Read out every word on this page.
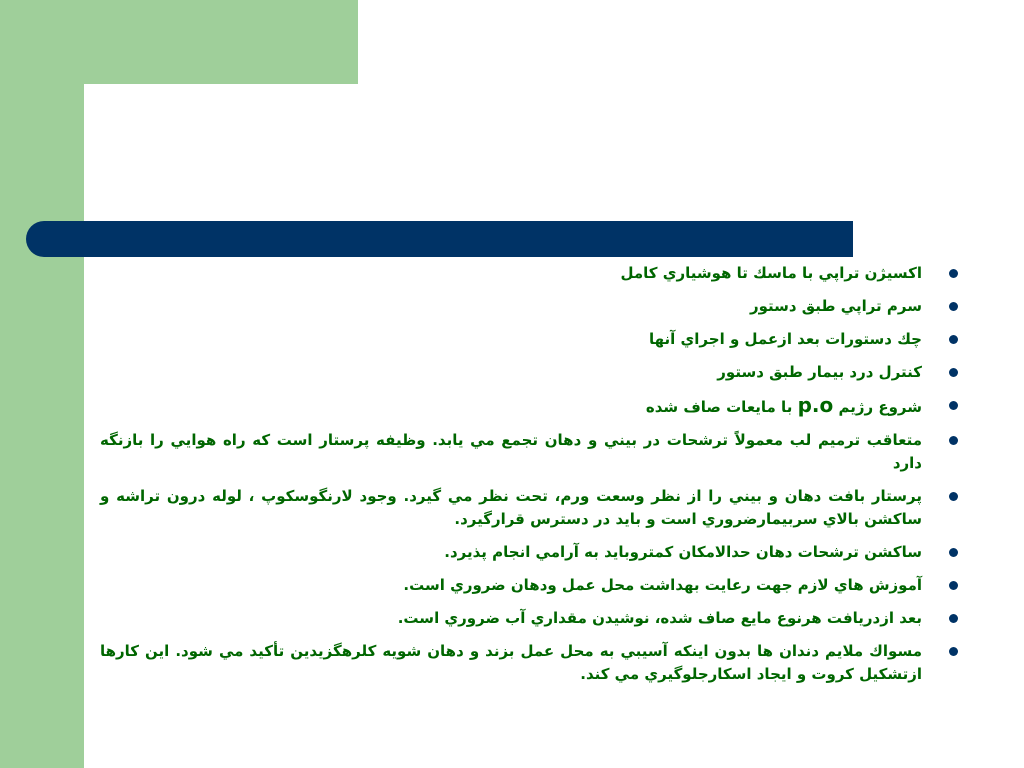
اکسيژن تراپي با ماسك تا هوشياري كامل
سرم تراپي طبق دستور
چك دستورات بعد ازعمل و اجراي آنها
كنترل درد بيمار طبق دستور
شروع رژيم p.o با مايعات صاف شده
متعاقب ترميم لب معمولاً ترشحات در بيني و دهان تجمع مي يابد. وظيفه پرستار است كه راه هوايي را بازنگه دارد
پرستار بافت دهان و بيني را از نظر وسعت ورم، تحت نظر مي گيرد. وجود لارنگوسكوپ ، لوله درون تراشه و ساكشن بالاي سربيمارضروري است و بايد در دسترس قرارگيرد.
ساكشن ترشحات دهان حدالامكان كمتروبايد به آرامي انجام پذيرد.
آموزش هاي لازم جهت رعايت بهداشت محل عمل ودهان ضروري است.
بعد ازدريافت هرنوع مايع صاف شده، نوشيدن مقداري آب ضروري است.
مسواك ملايم دندان ها بدون اينكه آسيبي به محل عمل بزند و دهان شويه كلرهگزيدين تأكيد مي شود. اين كارها ازتشكيل كروت و ايجاد اسكارجلوگيري مي كند.
